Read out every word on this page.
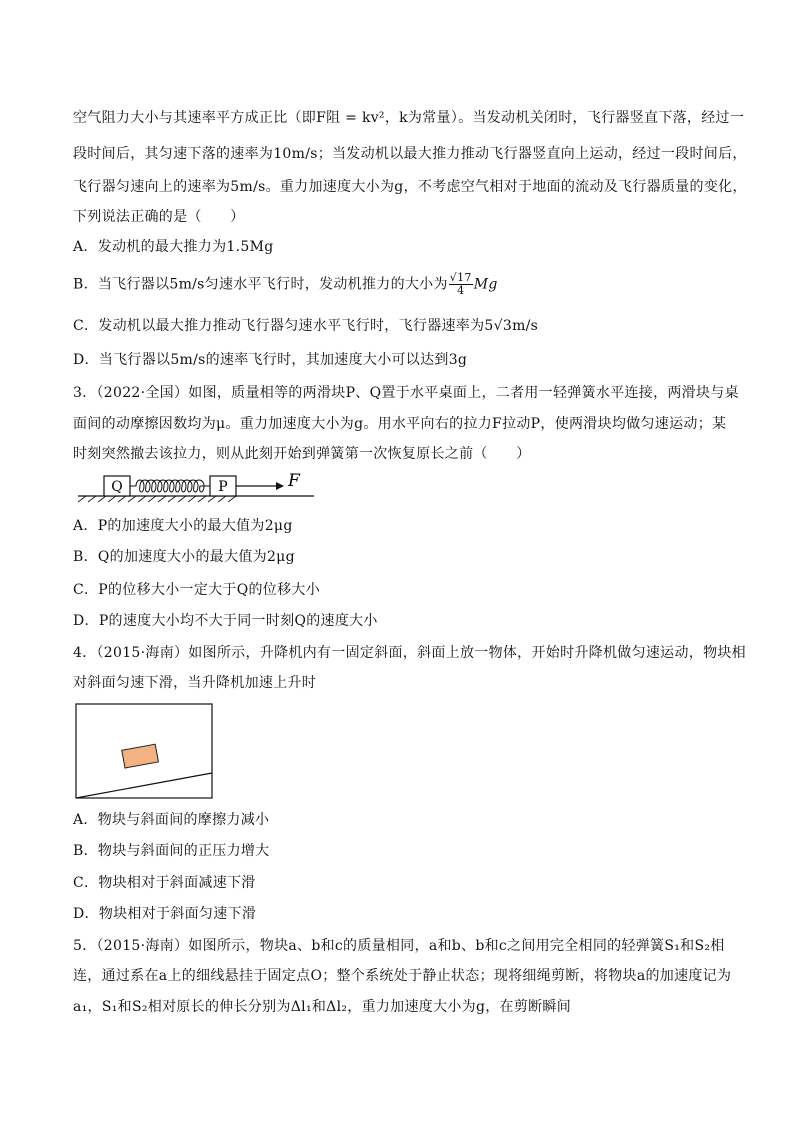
空气阻力大小与其速率平方成正比（即F阻 = kv²，k为常量）。当发动机关闭时，飞行器竖直下落，经过一
段时间后，其匀速下落的速率为10m/s；当发动机以最大推力推动飞行器竖直向上运动，经过一段时间后，
飞行器匀速向上的速率为5m/s。重力加速度大小为g，不考虑空气相对于地面的流动及飞行器质量的变化，
下列说法正确的是（　　）
A．发动机的最大推力为1.5Mg
B．当飞行器以5m/s匀速水平飞行时，发动机推力的大小为 $\frac{√17}{4}$ Mg
C．发动机以最大推力推动飞行器匀速水平飞行时，飞行器速率为5√3m/s
D．当飞行器以5m/s的速率飞行时，其加速度大小可以达到3g
3．（2022·全国）如图，质量相等的两滑块P、Q置于水平桌面上，二者用一轻弹簧水平连接，两滑块与桌
面间的动摩擦因数均为μ。重力加速度大小为g。用水平向右的拉力F拉动P，使两滑块均做匀速运动；某
时刻突然撤去该拉力，则从此刻开始到弹簧第一次恢复原长之前（　　）
Q	P	F
A．P的加速度大小的最大值为2μg
B．Q的加速度大小的最大值为2μg
C．P的位移大小一定大于Q的位移大小
D．P的速度大小均不大于同一时刻Q的速度大小
4．（2015·海南）如图所示，升降机内有一固定斜面，斜面上放一物体，开始时升降机做匀速运动，物块相
对斜面匀速下滑，当升降机加速上升时
A．物块与斜面间的摩擦力减小
B．物块与斜面间的正压力增大
C．物块相对于斜面减速下滑
D．物块相对于斜面匀速下滑
5．（2015·海南）如图所示，物块a、b和c的质量相同，a和b、b和c之间用完全相同的轻弹簧S₁和S₂相
连，通过系在a上的细线悬挂于固定点O；整个系统处于静止状态；现将细绳剪断，将物块a的加速度记为
a₁，S₁和S₂相对原长的伸长分别为Δl₁和Δl₂，重力加速度大小为g，在剪断瞬间
